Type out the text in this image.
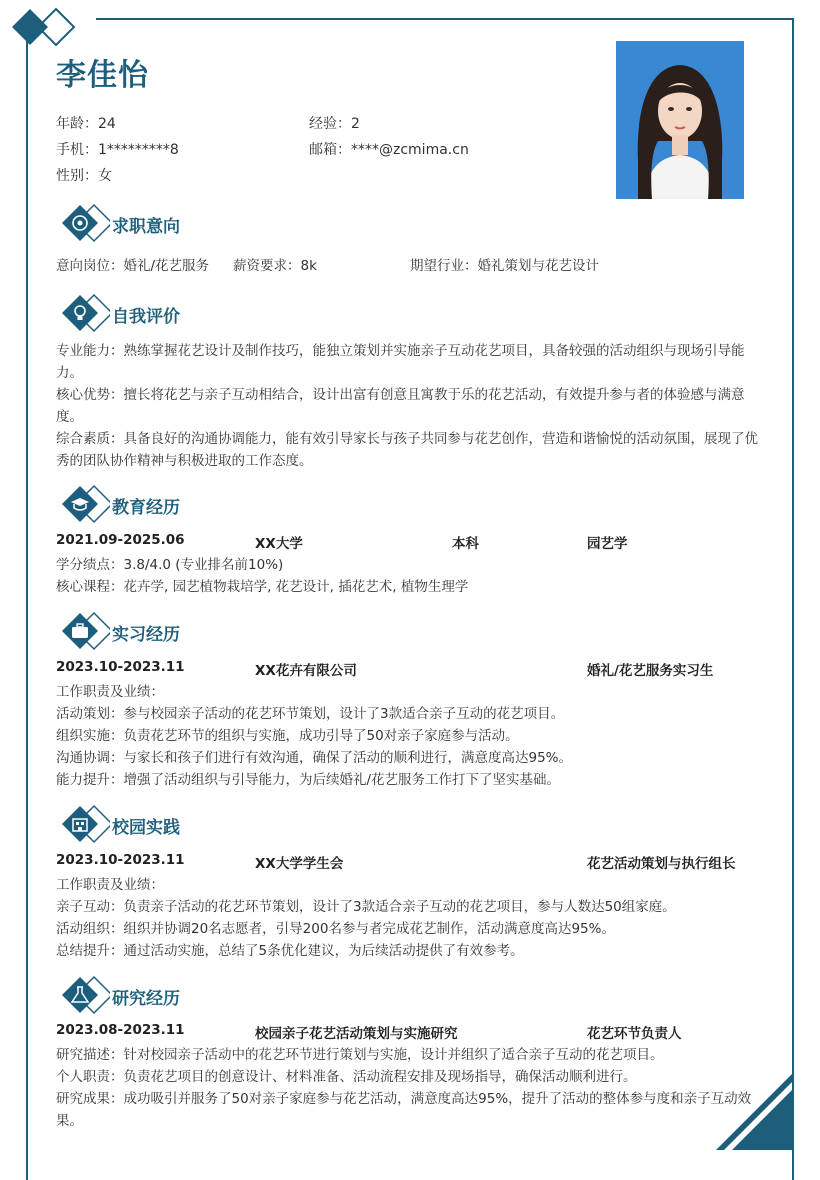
李佳怡
年龄：24	经验：2
手机：1*********8	邮箱：****@zcmima.cn
性别：女
求职意向
意向岗位：婚礼/花艺服务 薪资要求：8k	期望行业：婚礼策划与花艺设计
自我评价
专业能力：熟练掌握花艺设计及制作技巧，能独立策划并实施亲子互动花艺项目，具备较强的活动组织与现场引导能力。
核心优势：擅长将花艺与亲子互动相结合，设计出富有创意且寓教于乐的花艺活动，有效提升参与者的体验感与满意度。
综合素质：具备良好的沟通协调能力，能有效引导家长与孩子共同参与花艺创作，营造和谐愉悦的活动氛围，展现了优秀的团队协作精神与积极进取的工作态度。
教育经历
2021.09-2025.06	XX大学	本科	园艺学
学分绩点：3.8/4.0 (专业排名前10%)
核心课程：花卉学, 园艺植物栽培学, 花艺设计, 插花艺术, 植物生理学
实习经历
2023.10-2023.11	XX花卉有限公司	婚礼/花艺服务实习生
工作职责及业绩：
活动策划：参与校园亲子活动的花艺环节策划，设计了3款适合亲子互动的花艺项目。
组织实施：负责花艺环节的组织与实施，成功引导了50对亲子家庭参与活动。
沟通协调：与家长和孩子们进行有效沟通，确保了活动的顺利进行，满意度高达95%。
能力提升：增强了活动组织与引导能力，为后续婚礼/花艺服务工作打下了坚实基础。
校园实践
2023.10-2023.11	XX大学学生会	花艺活动策划与执行组长
工作职责及业绩：
亲子互动：负责亲子活动的花艺环节策划，设计了3款适合亲子互动的花艺项目，参与人数达50组家庭。
活动组织：组织并协调20名志愿者，引导200名参与者完成花艺制作，活动满意度高达95%。
总结提升：通过活动实施，总结了5条优化建议，为后续活动提供了有效参考。
研究经历
2023.08-2023.11	校园亲子花艺活动策划与实施研究	花艺环节负责人
研究描述：针对校园亲子活动中的花艺环节进行策划与实施，设计并组织了适合亲子互动的花艺项目。
个人职责：负责花艺项目的创意设计、材料准备、活动流程安排及现场指导，确保活动顺利进行。
研究成果：成功吸引并服务了50对亲子家庭参与花艺活动，满意度高达95%，提升了活动的整体参与度和亲子互动效果。
